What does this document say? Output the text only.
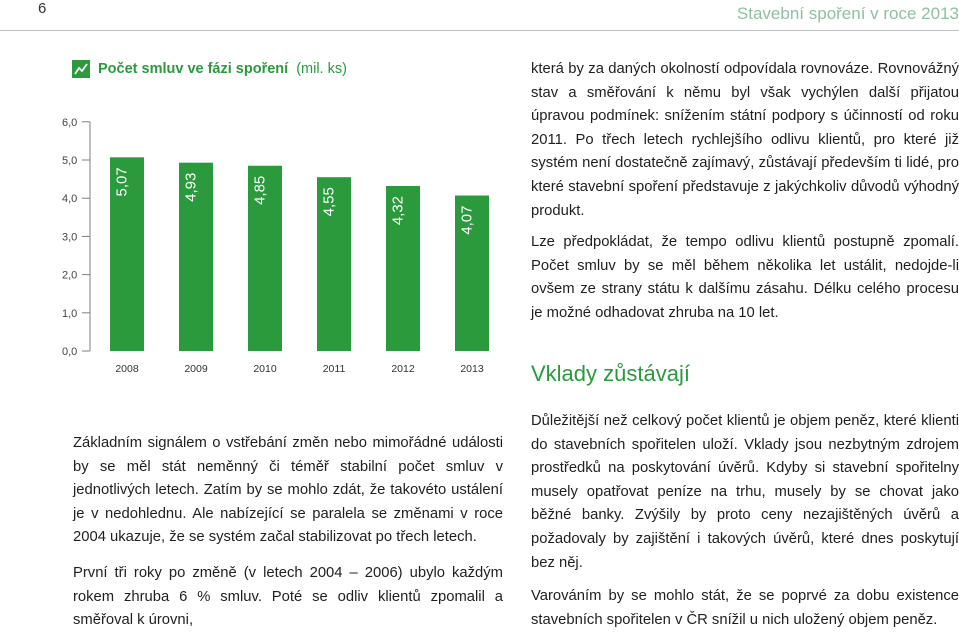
6	Stavební spoření v roce 2013
Počet smluv ve fázi spoření (mil. ks)
0,0
1,0
2,0
3,0
4,0
5,0
6,0
5,07
2008
4,93
2009
4,85
2010
4,55
2011
4,32
2012
4,07
2013

která by za daných okolností odpovídala rovnováze. Rovnovážný stav a směřování k němu byl však vychýlen další přijatou úpravou podmínek: snížením státní podpory s účinností od roku 2011. Po třech letech rychlejšího odlivu klientů, pro které již systém není dostatečně zajímavý, zůstávají především ti lidé, pro které stavební spoření představuje z jakýchkoliv důvodů výhodný produkt.

Lze předpokládat, že tempo odlivu klientů postupně zpomalí. Počet smluv by se měl během několika let ustálit, nedojde-li ovšem ze strany státu k dalšímu zásahu. Délku celého procesu je možné odhadovat zhruba na 10 let.

Vklady zůstávají

Základním signálem o vstřebání změn nebo mimořádné události by se měl stát neměnný či téměř stabilní počet smluv v jednotlivých letech. Zatím by se mohlo zdát, že takovéto ustálení je v nedohlednu. Ale nabízející se paralela se změnami v roce 2004 ukazuje, že se systém začal stabilizovat po třech letech.

První tři roky po změně (v letech 2004 – 2006) ubylo každým rokem zhruba 6 % smluv. Poté se odliv klientů zpomalil a směřoval k úrovni,

Důležitější než celkový počet klientů je objem peněz, které klienti do stavebních spořitelen uloží. Vklady jsou nezbytným zdrojem prostředků na poskytování úvěrů. Kdyby si stavební spořitelny musely opatřovat peníze na trhu, musely by se chovat jako běžné banky. Zvýšily by proto ceny nezajištěných úvěrů a požadovaly by zajištění i takových úvěrů, které dnes poskytují bez něj.

Varováním by se mohlo stát, že se poprvé za dobu existence stavebních spořitelen v ČR snížil u nich uložený objem peněz.
